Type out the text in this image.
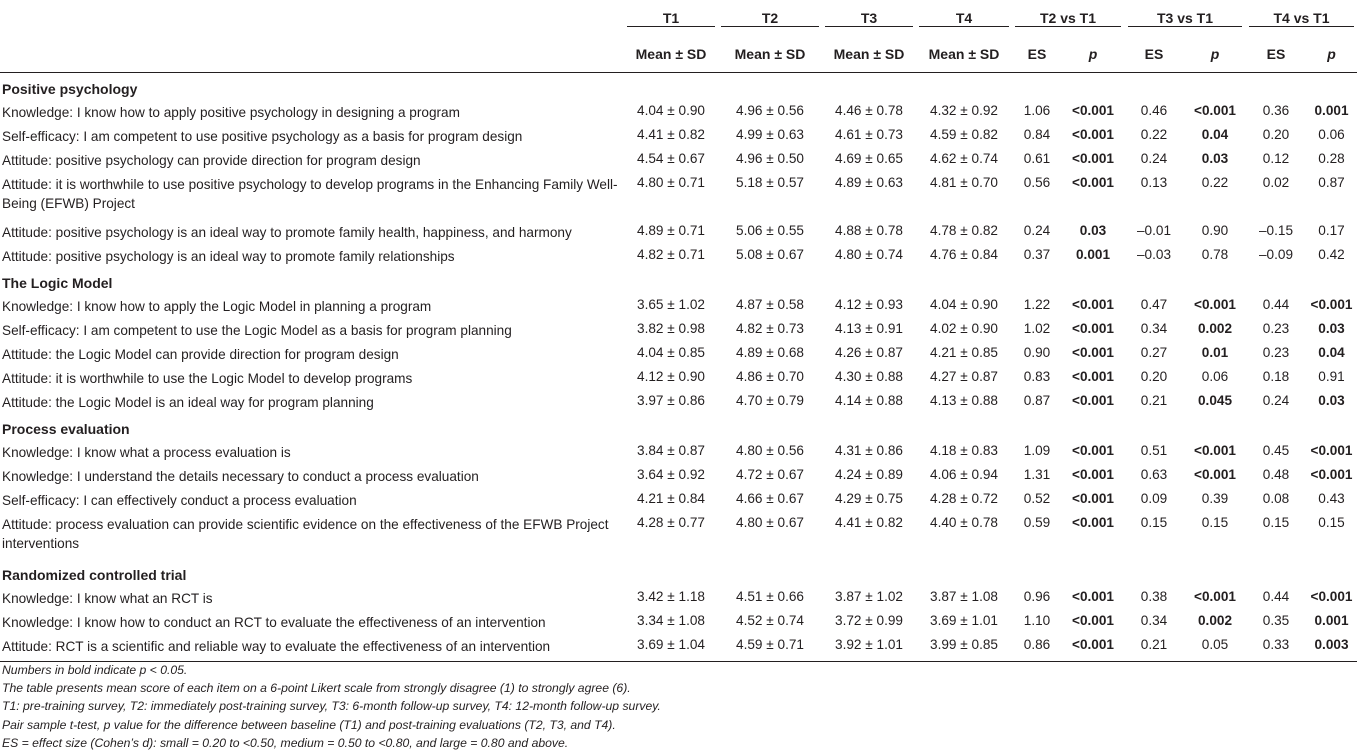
	T1	T2	T3	T4	T2 vs T1		T3 vs T1		T4 vs T1	
	Mean ± SD	Mean ± SD	Mean ± SD	Mean ± SD	ES	p	ES	p	ES	p
Positive psychology										
Knowledge: I know how to apply positive psychology in designing a program	4.04 ± 0.90	4.96 ± 0.56	4.46 ± 0.78	4.32 ± 0.92	1.06	<0.001	0.46	<0.001	0.36	0.001
Self-efficacy: I am competent to use positive psychology as a basis for program design	4.41 ± 0.82	4.99 ± 0.63	4.61 ± 0.73	4.59 ± 0.82	0.84	<0.001	0.22	0.04	0.20	0.06
Attitude: positive psychology can provide direction for program design	4.54 ± 0.67	4.96 ± 0.50	4.69 ± 0.65	4.62 ± 0.74	0.61	<0.001	0.24	0.03	0.12	0.28
Attitude: it is worthwhile to use positive psychology to develop programs in the Enhancing Family Well-Being (EFWB) Project	4.80 ± 0.71	5.18 ± 0.57	4.89 ± 0.63	4.81 ± 0.70	0.56	<0.001	0.13	0.22	0.02	0.87
Attitude: positive psychology is an ideal way to promote family health, happiness, and harmony	4.89 ± 0.71	5.06 ± 0.55	4.88 ± 0.78	4.78 ± 0.82	0.24	0.03	–0.01	0.90	–0.15	0.17
Attitude: positive psychology is an ideal way to promote family relationships	4.82 ± 0.71	5.08 ± 0.67	4.80 ± 0.74	4.76 ± 0.84	0.37	0.001	–0.03	0.78	–0.09	0.42
The Logic Model										
Knowledge: I know how to apply the Logic Model in planning a program	3.65 ± 1.02	4.87 ± 0.58	4.12 ± 0.93	4.04 ± 0.90	1.22	<0.001	0.47	<0.001	0.44	<0.001
Self-efficacy: I am competent to use the Logic Model as a basis for program planning	3.82 ± 0.98	4.82 ± 0.73	4.13 ± 0.91	4.02 ± 0.90	1.02	<0.001	0.34	0.002	0.23	0.03
Attitude: the Logic Model can provide direction for program design	4.04 ± 0.85	4.89 ± 0.68	4.26 ± 0.87	4.21 ± 0.85	0.90	<0.001	0.27	0.01	0.23	0.04
Attitude: it is worthwhile to use the Logic Model to develop programs	4.12 ± 0.90	4.86 ± 0.70	4.30 ± 0.88	4.27 ± 0.87	0.83	<0.001	0.20	0.06	0.18	0.91
Attitude: the Logic Model is an ideal way for program planning	3.97 ± 0.86	4.70 ± 0.79	4.14 ± 0.88	4.13 ± 0.88	0.87	<0.001	0.21	0.045	0.24	0.03
Process evaluation										
Knowledge: I know what a process evaluation is	3.84 ± 0.87	4.80 ± 0.56	4.31 ± 0.86	4.18 ± 0.83	1.09	<0.001	0.51	<0.001	0.45	<0.001
Knowledge: I understand the details necessary to conduct a process evaluation	3.64 ± 0.92	4.72 ± 0.67	4.24 ± 0.89	4.06 ± 0.94	1.31	<0.001	0.63	<0.001	0.48	<0.001
Self-efficacy: I can effectively conduct a process evaluation	4.21 ± 0.84	4.66 ± 0.67	4.29 ± 0.75	4.28 ± 0.72	0.52	<0.001	0.09	0.39	0.08	0.43
Attitude: process evaluation can provide scientific evidence on the effectiveness of the EFWB Project interventions	4.28 ± 0.77	4.80 ± 0.67	4.41 ± 0.82	4.40 ± 0.78	0.59	<0.001	0.15	0.15	0.15	0.15
Randomized controlled trial										
Knowledge: I know what an RCT is	3.42 ± 1.18	4.51 ± 0.66	3.87 ± 1.02	3.87 ± 1.08	0.96	<0.001	0.38	<0.001	0.44	<0.001
Knowledge: I know how to conduct an RCT to evaluate the effectiveness of an intervention	3.34 ± 1.08	4.52 ± 0.74	3.72 ± 0.99	3.69 ± 1.01	1.10	<0.001	0.34	0.002	0.35	0.001
Attitude: RCT is a scientific and reliable way to evaluate the effectiveness of an intervention	3.69 ± 1.04	4.59 ± 0.71	3.92 ± 1.01	3.99 ± 0.85	0.86	<0.001	0.21	0.05	0.33	0.003
Numbers in bold indicate p < 0.05.
The table presents mean score of each item on a 6-point Likert scale from strongly disagree (1) to strongly agree (6).
T1: pre-training survey, T2: immediately post-training survey, T3: 6-month follow-up survey, T4: 12-month follow-up survey.
Pair sample t-test, p value for the difference between baseline (T1) and post-training evaluations (T2, T3, and T4).
ES = effect size (Cohen’s d): small = 0.20 to <0.50, medium = 0.50 to <0.80, and large = 0.80 and above.
